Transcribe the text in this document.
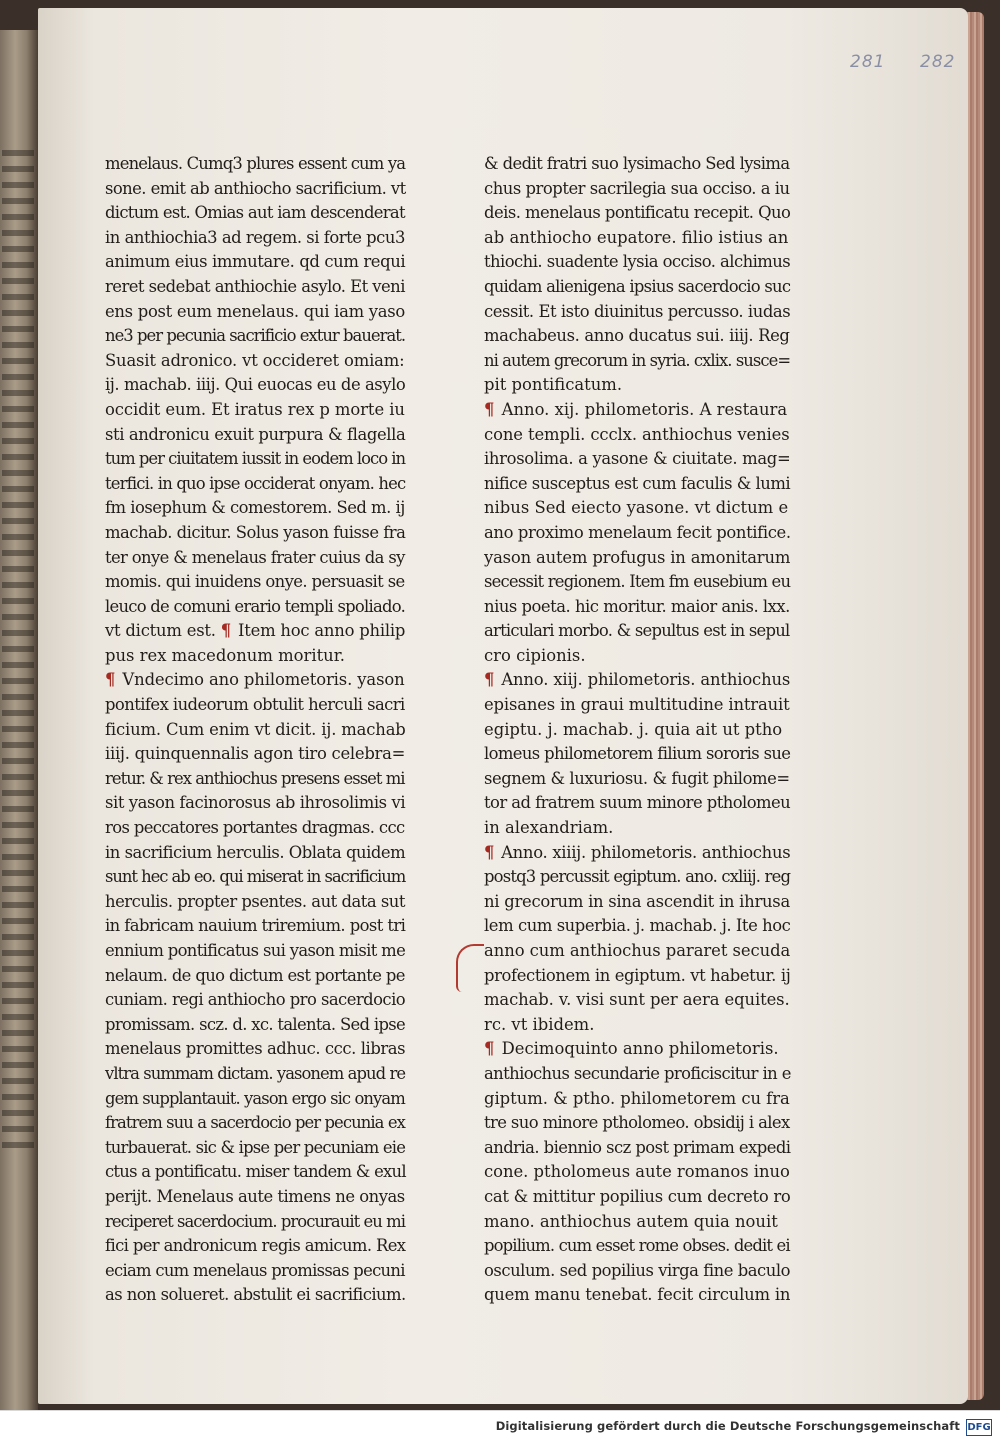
281 282
menelaus. Cumq3 plures essent cum ya
sone. emit ab anthiocho sacrificium. vt
dictum est. Omias aut iam descenderat
in anthiochia3 ad regem. si forte pcu3
animum eius immutare. qd cum requi
reret sedebat anthiochie asylo. Et veni
ens post eum menelaus. qui iam yaso
ne3 per pecunia sacrificio extur bauerat.
Suasit adronico. vt occideret omiam:
ij. machab. iiij. Qui euocas eu de asylo
occidit eum. Et iratus rex p morte iu
sti andronicu exuit purpura & flagella
tum per ciuitatem iussit in eodem loco in
terfici. in quo ipse occiderat onyam. hec
fm iosephum & comestorem. Sed m. ij
machab. dicitur. Solus yason fuisse fra
ter onye & menelaus frater cuius da sy
momis. qui inuidens onye. persuasit se
leuco de comuni erario templi spoliado.
vt dictum est. ¶ Item hoc anno philip
pus rex macedonum moritur.
¶ Vndecimo ano philometoris. yason
pontifex iudeorum obtulit herculi sacri
ficium. Cum enim vt dicit. ij. machab
iiij. quinquennalis agon tiro celebra=
retur. & rex anthiochus presens esset mi
sit yason facinorosus ab ihrosolimis vi
ros peccatores portantes dragmas. ccc
in sacrificium herculis. Oblata quidem
sunt hec ab eo. qui miserat in sacrificium
herculis. propter psentes. aut data sut
in fabricam nauium triremium. post tri
ennium pontificatus sui yason misit me
nelaum. de quo dictum est portante pe
cuniam. regi anthiocho pro sacerdocio
promissam. scz. d. xc. talenta. Sed ipse
menelaus promittes adhuc. ccc. libras
vltra summam dictam. yasonem apud re
gem supplantauit. yason ergo sic onyam
fratrem suu a sacerdocio per pecunia ex
turbauerat. sic & ipse per pecuniam eie
ctus a pontificatu. miser tandem & exul
perijt. Menelaus aute timens ne onyas
reciperet sacerdocium. procurauit eu mi
fici per andronicum regis amicum. Rex
eciam cum menelaus promissas pecuni
as non solueret. abstulit ei sacrificium.
& dedit fratri suo lysimacho Sed lysima
chus propter sacrilegia sua occiso. a iu
deis. menelaus pontificatu recepit. Quo
ab anthiocho eupatore. filio istius an
thiochi. suadente lysia occiso. alchimus
quidam alienigena ipsius sacerdocio suc
cessit. Et isto diuinitus percusso. iudas
machabeus. anno ducatus sui. iiij. Reg
ni autem grecorum in syria. cxlix. susce=
pit pontificatum.
¶ Anno. xij. philometoris. A restaura
cone templi. ccclx. anthiochus venies
ihrosolima. a yasone & ciuitate. mag=
nifice susceptus est cum faculis & lumi
nibus Sed eiecto yasone. vt dictum e
ano proximo menelaum fecit pontifice.
yason autem profugus in amonitarum
secessit regionem. Item fm eusebium eu
nius poeta. hic moritur. maior anis. lxx.
articulari morbo. & sepultus est in sepul
cro cipionis.
¶ Anno. xiij. philometoris. anthiochus
episanes in graui multitudine intrauit
egiptu. j. machab. j. quia ait ut ptho
lomeus philometorem filium sororis sue
segnem & luxuriosu. & fugit philome=
tor ad fratrem suum minore ptholomeu
in alexandriam.
¶ Anno. xiiij. philometoris. anthiochus
postq3 percussit egiptum. ano. cxliij. reg
ni grecorum in sina ascendit in ihrusa
lem cum superbia. j. machab. j. Ite hoc
anno cum anthiochus pararet secuda
profectionem in egiptum. vt habetur. ij
machab. v. visi sunt per aera equites.
rc. vt ibidem.
¶ Decimoquinto anno philometoris.
anthiochus secundarie proficiscitur in e
giptum. & ptho. philometorem cu fra
tre suo minore ptholomeo. obsidij i alex
andria. biennio scz post primam expedi
cone. ptholomeus aute romanos inuo
cat & mittitur popilius cum decreto ro
mano. anthiochus autem quia nouit
popilium. cum esset rome obses. dedit ei
osculum. sed popilius virga fine baculo
quem manu tenebat. fecit circulum in
Digitalisierung gefördert durch die Deutsche Forschungsgemeinschaft DFG
